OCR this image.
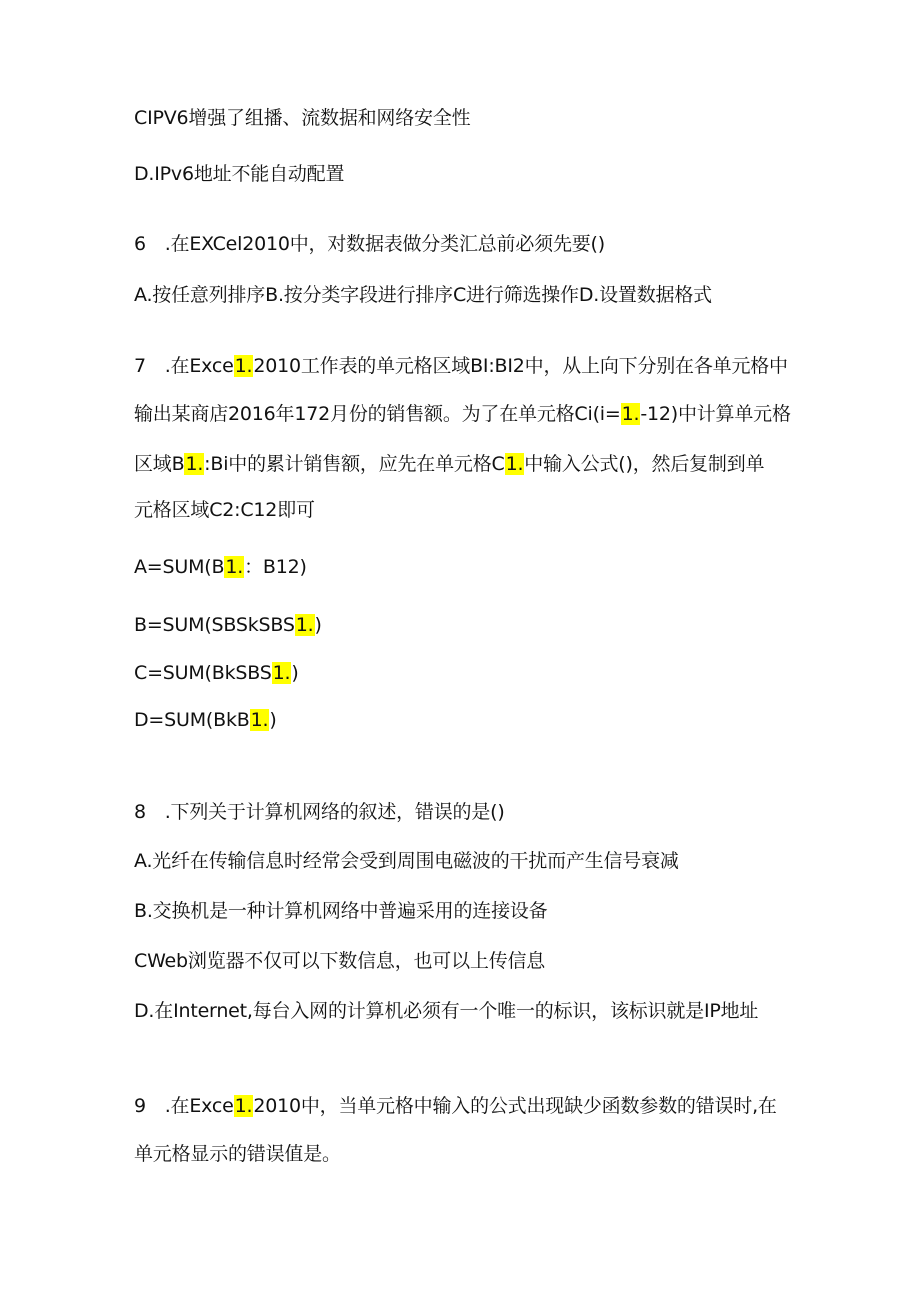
CIPV6增强了组播、流数据和网络安全性

D.IPv6地址不能自动配置

6　.在EXCel2010中，对数据表做分类汇总前必须先要()

A.按任意列排序B.按分类字段进行排序C进行筛选操作D.设置数据格式

7　.在Exce1.2010工作表的单元格区域BI:BI2中，从上向下分别在各单元格中

输出某商店2016年172月份的销售额。为了在单元格Ci(i=1.-12)中计算单元格

区域B1.:Bi中的累计销售额，应先在单元格C1.中输入公式()，然后复制到单

元格区域C2:C12即可

A=SUM(B1.：B12)

B=SUM(SBSkSBS1.)

C=SUM(BkSBS1.)

D=SUM(BkB1.)

8　.下列关于计算机网络的叙述，错误的是()

A.光纤在传输信息时经常会受到周围电磁波的干扰而产生信号衰减

B.交换机是一种计算机网络中普遍采用的连接设备

CWeb浏览器不仅可以下数信息，也可以上传信息

D.在Internet,每台入网的计算机必须有一个唯一的标识，该标识就是IP地址

9　.在Exce1.2010中，当单元格中输入的公式出现缺少函数参数的错误时,在

单元格显示的错误值是。
